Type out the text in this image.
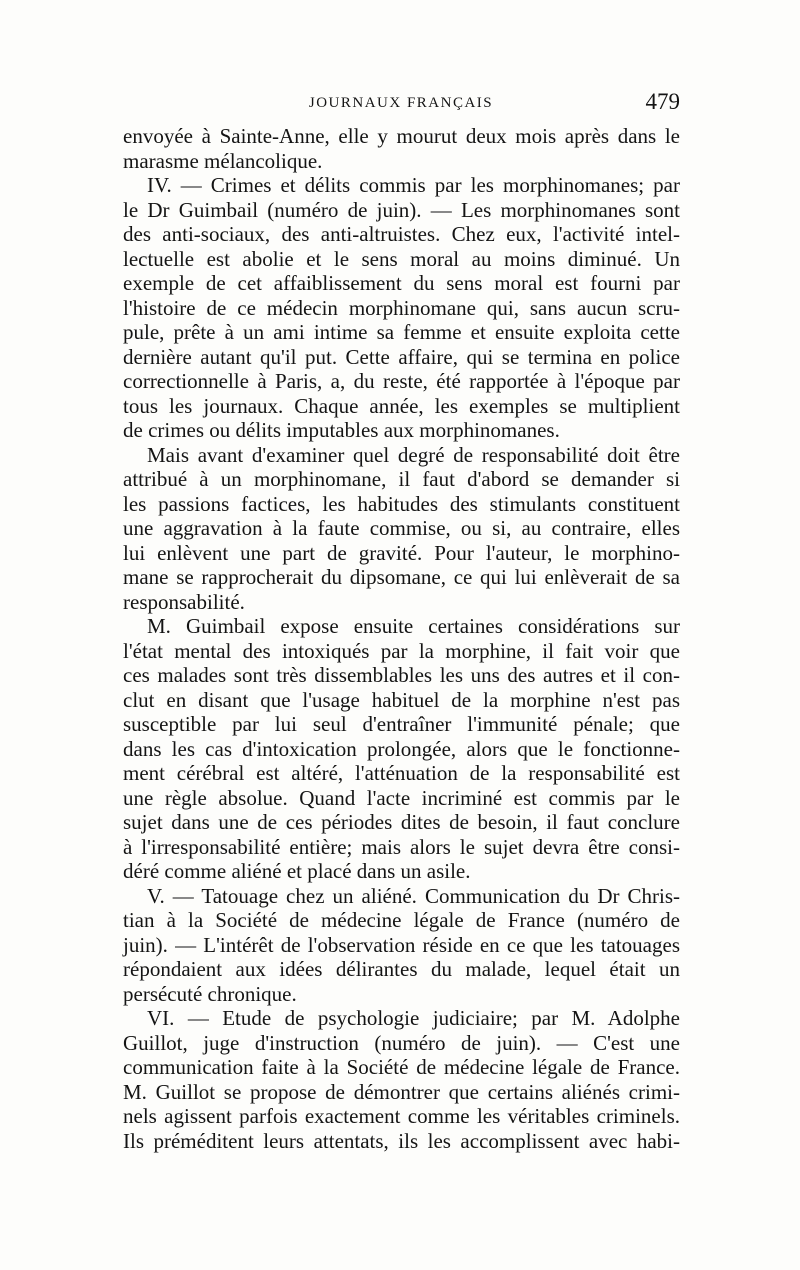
JOURNAUX FRANÇAIS	479
envoyée à Sainte-Anne, elle y mourut deux mois après dans le
marasme mélancolique.
IV. — Crimes et délits commis par les morphinomanes; par
le Dr Guimbail (numéro de juin). — Les morphinomanes sont
des anti-sociaux, des anti-altruistes. Chez eux, l'activité intel-
lectuelle est abolie et le sens moral au moins diminué. Un
exemple de cet affaiblissement du sens moral est fourni par
l'histoire de ce médecin morphinomane qui, sans aucun scru-
pule, prête à un ami intime sa femme et ensuite exploita cette
dernière autant qu'il put. Cette affaire, qui se termina en police
correctionnelle à Paris, a, du reste, été rapportée à l'époque par
tous les journaux. Chaque année, les exemples se multiplient
de crimes ou délits imputables aux morphinomanes.
Mais avant d'examiner quel degré de responsabilité doit être
attribué à un morphinomane, il faut d'abord se demander si
les passions factices, les habitudes des stimulants constituent
une aggravation à la faute commise, ou si, au contraire, elles
lui enlèvent une part de gravité. Pour l'auteur, le morphino-
mane se rapprocherait du dipsomane, ce qui lui enlèverait de sa
responsabilité.
M. Guimbail expose ensuite certaines considérations sur
l'état mental des intoxiqués par la morphine, il fait voir que
ces malades sont très dissemblables les uns des autres et il con-
clut en disant que l'usage habituel de la morphine n'est pas
susceptible par lui seul d'entraîner l'immunité pénale; que
dans les cas d'intoxication prolongée, alors que le fonctionne-
ment cérébral est altéré, l'atténuation de la responsabilité est
une règle absolue. Quand l'acte incriminé est commis par le
sujet dans une de ces périodes dites de besoin, il faut conclure
à l'irresponsabilité entière; mais alors le sujet devra être consi-
déré comme aliéné et placé dans un asile.
V. — Tatouage chez un aliéné. Communication du Dr Chris-
tian à la Société de médecine légale de France (numéro de
juin). — L'intérêt de l'observation réside en ce que les tatouages
répondaient aux idées délirantes du malade, lequel était un
persécuté chronique.
VI. — Etude de psychologie judiciaire; par M. Adolphe
Guillot, juge d'instruction (numéro de juin). — C'est une
communication faite à la Société de médecine légale de France.
M. Guillot se propose de démontrer que certains aliénés crimi-
nels agissent parfois exactement comme les véritables criminels.
Ils préméditent leurs attentats, ils les accomplissent avec habi-
